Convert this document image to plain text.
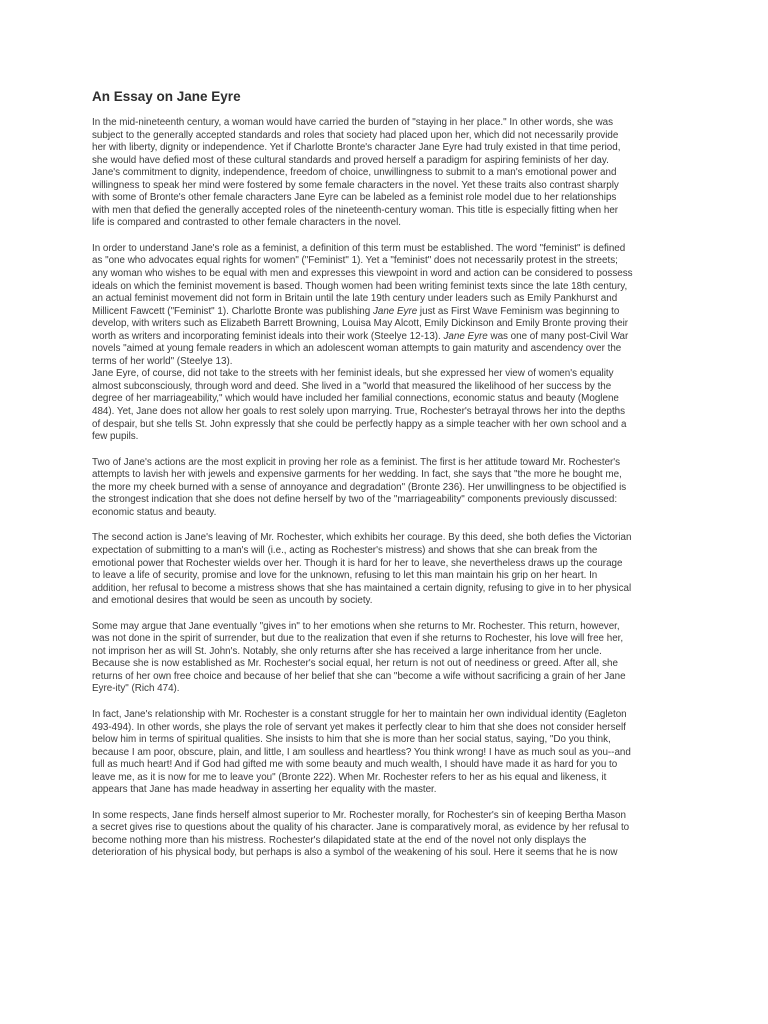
An Essay on Jane Eyre
In the mid-nineteenth century, a woman would have carried the burden of "staying in her place." In other words, she was
subject to the generally accepted standards and roles that society had placed upon her, which did not necessarily provide
her with liberty, dignity or independence. Yet if Charlotte Bronte's character Jane Eyre had truly existed in that time period,
she would have defied most of these cultural standards and proved herself a paradigm for aspiring feminists of her day.
Jane's commitment to dignity, independence, freedom of choice, unwillingness to submit to a man's emotional power and
willingness to speak her mind were fostered by some female characters in the novel. Yet these traits also contrast sharply
with some of Bronte's other female characters Jane Eyre can be labeled as a feminist role model due to her relationships
with men that defied the generally accepted roles of the nineteenth-century woman. This title is especially fitting when her
life is compared and contrasted to other female characters in the novel.
In order to understand Jane's role as a feminist, a definition of this term must be established. The word "feminist" is defined
as "one who advocates equal rights for women" ("Feminist" 1). Yet a "feminist" does not necessarily protest in the streets;
any woman who wishes to be equal with men and expresses this viewpoint in word and action can be considered to possess
ideals on which the feminist movement is based. Though women had been writing feminist texts since the late 18th century,
an actual feminist movement did not form in Britain until the late 19th century under leaders such as Emily Pankhurst and
Millicent Fawcett ("Feminist" 1). Charlotte Bronte was publishing Jane Eyre just as First Wave Feminism was beginning to
develop, with writers such as Elizabeth Barrett Browning, Louisa May Alcott, Emily Dickinson and Emily Bronte proving their
worth as writers and incorporating feminist ideals into their work (Steelye 12-13). Jane Eyre was one of many post-Civil War
novels "aimed at young female readers in which an adolescent woman attempts to gain maturity and ascendency over the
terms of her world" (Steelye 13).
Jane Eyre, of course, did not take to the streets with her feminist ideals, but she expressed her view of women's equality
almost subconsciously, through word and deed. She lived in a "world that measured the likelihood of her success by the
degree of her marriageability," which would have included her familial connections, economic status and beauty (Moglene
484). Yet, Jane does not allow her goals to rest solely upon marrying. True, Rochester's betrayal throws her into the depths
of despair, but she tells St. John expressly that she could be perfectly happy as a simple teacher with her own school and a
few pupils.
Two of Jane's actions are the most explicit in proving her role as a feminist. The first is her attitude toward Mr. Rochester's
attempts to lavish her with jewels and expensive garments for her wedding. In fact, she says that "the more he bought me,
the more my cheek burned with a sense of annoyance and degradation" (Bronte 236). Her unwillingness to be objectified is
the strongest indication that she does not define herself by two of the "marriageability" components previously discussed:
economic status and beauty.
The second action is Jane's leaving of Mr. Rochester, which exhibits her courage. By this deed, she both defies the Victorian
expectation of submitting to a man's will (i.e., acting as Rochester's mistress) and shows that she can break from the
emotional power that Rochester wields over her. Though it is hard for her to leave, she nevertheless draws up the courage
to leave a life of security, promise and love for the unknown, refusing to let this man maintain his grip on her heart. In
addition, her refusal to become a mistress shows that she has maintained a certain dignity, refusing to give in to her physical
and emotional desires that would be seen as uncouth by society.
Some may argue that Jane eventually "gives in" to her emotions when she returns to Mr. Rochester. This return, however,
was not done in the spirit of surrender, but due to the realization that even if she returns to Rochester, his love will free her,
not imprison her as will St. John's. Notably, she only returns after she has received a large inheritance from her uncle.
Because she is now established as Mr. Rochester's social equal, her return is not out of neediness or greed. After all, she
returns of her own free choice and because of her belief that she can "become a wife without sacrificing a grain of her Jane
Eyre-ity" (Rich 474).
In fact, Jane's relationship with Mr. Rochester is a constant struggle for her to maintain her own individual identity (Eagleton
493-494). In other words, she plays the role of servant yet makes it perfectly clear to him that she does not consider herself
below him in terms of spiritual qualities. She insists to him that she is more than her social status, saying, "Do you think,
because I am poor, obscure, plain, and little, I am soulless and heartless? You think wrong! I have as much soul as you--and
full as much heart! And if God had gifted me with some beauty and much wealth, I should have made it as hard for you to
leave me, as it is now for me to leave you" (Bronte 222). When Mr. Rochester refers to her as his equal and likeness, it
appears that Jane has made headway in asserting her equality with the master.
In some respects, Jane finds herself almost superior to Mr. Rochester morally, for Rochester's sin of keeping Bertha Mason
a secret gives rise to questions about the quality of his character. Jane is comparatively moral, as evidence by her refusal to
become nothing more than his mistress. Rochester's dilapidated state at the end of the novel not only displays the
deterioration of his physical body, but perhaps is also a symbol of the weakening of his soul. Here it seems that he is now
